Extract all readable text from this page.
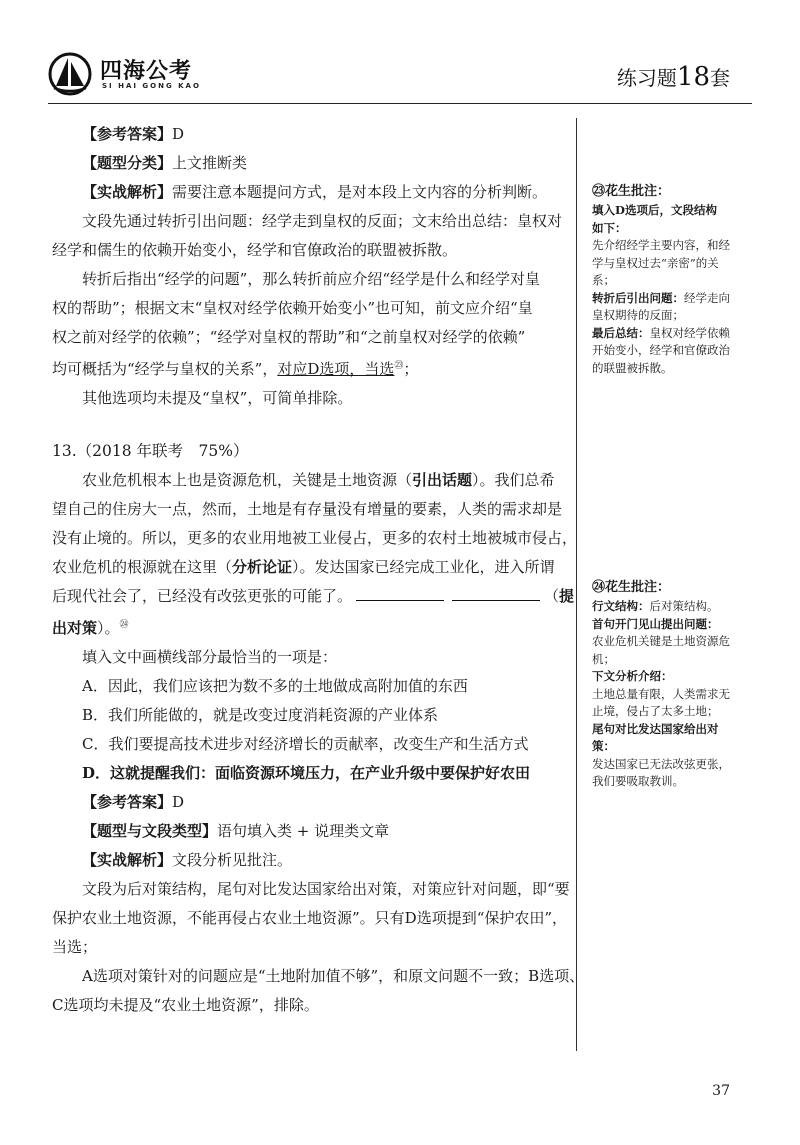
四海公考
SI HAI GONG KAO	练习题18套
【参考答案】D
【题型分类】上文推断类
【实战解析】需要注意本题提问方式，是对本段上文内容的分析判断。
文段先通过转折引出问题：经学走到皇权的反面；文末给出总结：皇权对
经学和儒生的依赖开始变小，经学和官僚政治的联盟被拆散。
转折后指出“经学的问题”，那么转折前应介绍“经学是什么和经学对皇
权的帮助”；根据文末“皇权对经学依赖开始变小”也可知，前文应介绍“皇
权之前对经学的依赖”；“经学对皇权的帮助”和“之前皇权对经学的依赖”
均可概括为“经学与皇权的关系”，对应D选项，当选$^㉓$；
其他选项均未提及“皇权”，可简单排除。
13.（2018 年联考　75%）
农业危机根本上也是资源危机，关键是土地资源（引出话题）。我们总希
望自己的住房大一点，然而，土地是有存量没有增量的要素，人类的需求却是
没有止境的。所以，更多的农业用地被工业侵占，更多的农村土地被城市侵占，
农业危机的根源就在这里（分析论证）。发达国家已经完成工业化，进入所谓
后现代社会了，已经没有改弦更张的可能了。	（提
出对策）。$^㉔$
填入文中画横线部分最恰当的一项是：
A．因此，我们应该把为数不多的土地做成高附加值的东西
B．我们所能做的，就是改变过度消耗资源的产业体系
C．我们要提高技术进步对经济增长的贡献率，改变生产和生活方式
D．这就提醒我们：面临资源环境压力，在产业升级中要保护好农田
【参考答案】D
【题型与文段类型】语句填入类 + 说理类文章
【实战解析】文段分析见批注。
文段为后对策结构，尾句对比发达国家给出对策，对策应针对问题，即“要
保护农业土地资源，不能再侵占农业土地资源”。只有D选项提到“保护农田”，
当选；
A选项对策针对的问题应是“土地附加值不够”，和原文问题不一致；B选项、
C选项均未提及“农业土地资源”，排除。
㉓花生批注：
填入D选项后，文段结构
如下：
先介绍经学主要内容，和经
学与皇权过去“亲密”的关
系；
转折后引出问题：经学走向
皇权期待的反面；
最后总结：皇权对经学依赖
开始变小，经学和官僚政治
的联盟被拆散。
㉔花生批注：
行文结构：后对策结构。
首句开门见山提出问题：
农业危机关键是土地资源危
机；
下文分析介绍：
土地总量有限，人类需求无
止境，侵占了太多土地；
尾句对比发达国家给出对
策：
发达国家已无法改弦更张，
我们要吸取教训。
37
